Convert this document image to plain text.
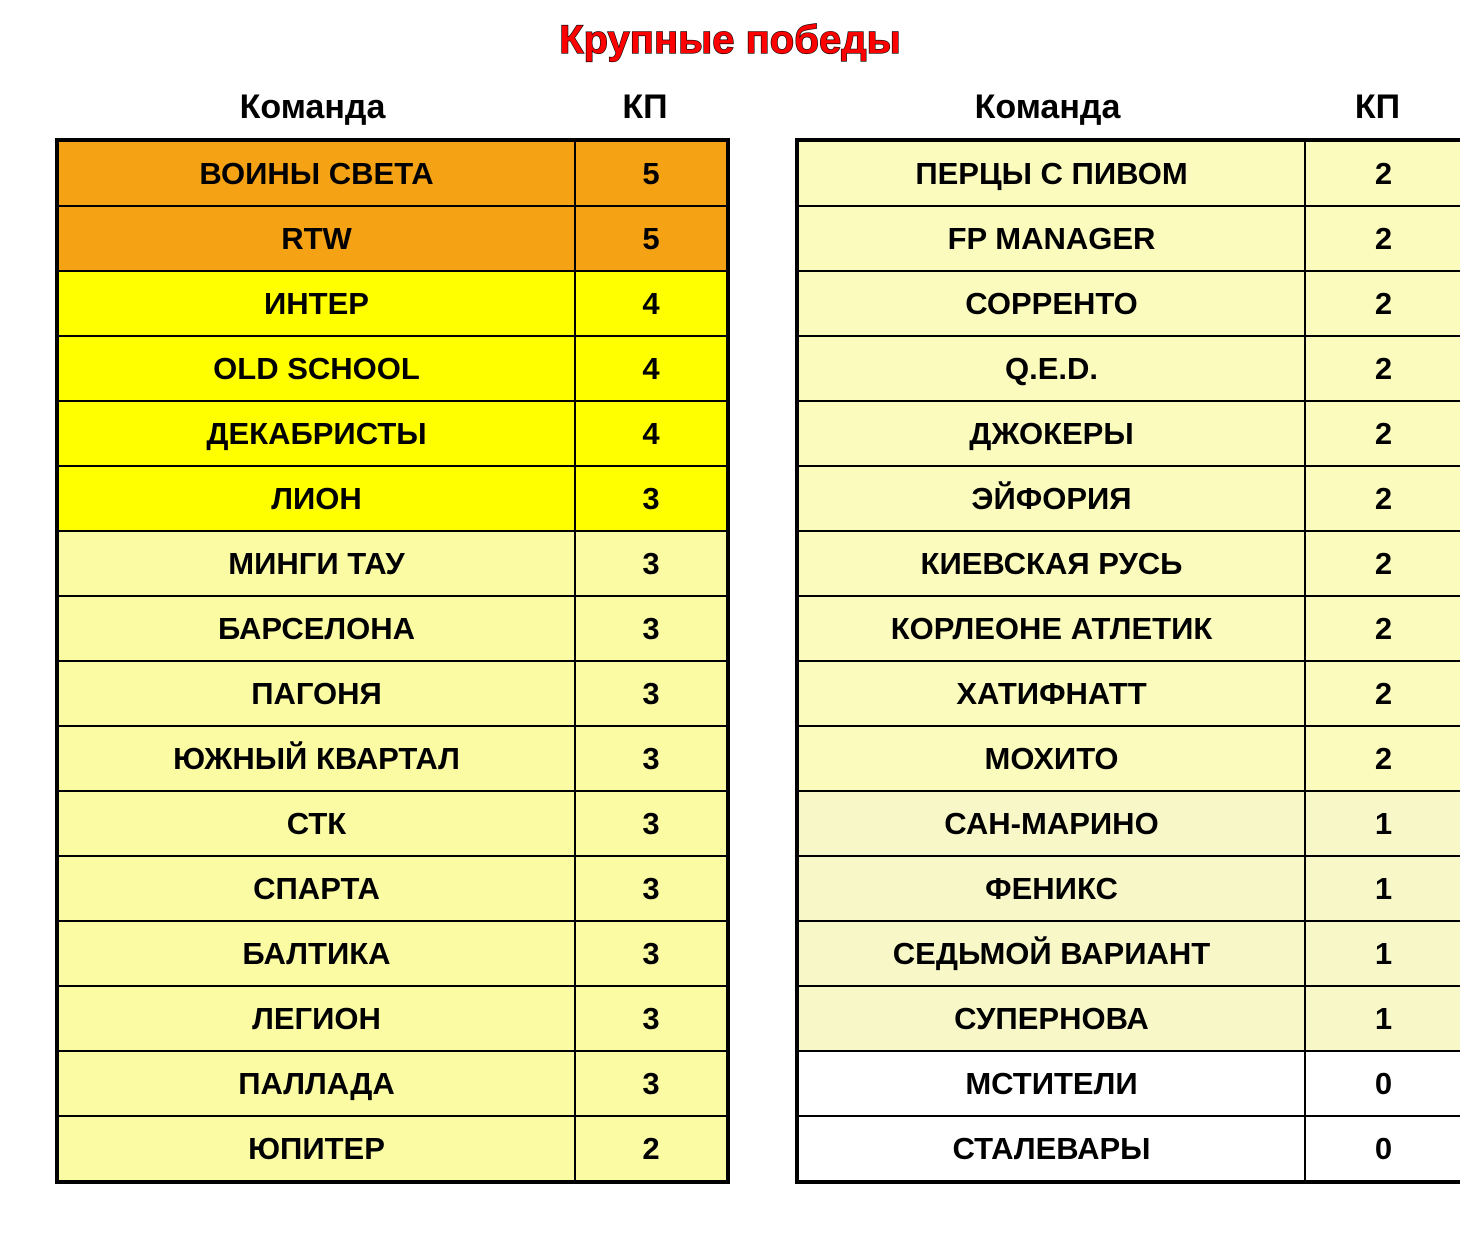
Крупные победы
Команда	КП	Команда	КП
ВОИНЫ СВЕТА	5
RTW	5
ИНТЕР	4
OLD SCHOOL	4
ДЕКАБРИСТЫ	4
ЛИОН	3
МИНГИ ТАУ	3
БАРСЕЛОНА	3
ПАГОНЯ	3
ЮЖНЫЙ КВАРТАЛ	3
СТК	3
СПАРТА	3
БАЛТИКА	3
ЛЕГИОН	3
ПАЛЛАДА	3
ЮПИТЕР	2
ПЕРЦЫ С ПИВОМ	2
FP MANAGER	2
СОРРЕНТО	2
Q.E.D.	2
ДЖОКЕРЫ	2
ЭЙФОРИЯ	2
КИЕВСКАЯ РУСЬ	2
КОРЛЕОНЕ АТЛЕТИК	2
ХАТИФНАТТ	2
МОХИТО	2
САН-МАРИНО	1
ФЕНИКС	1
СЕДЬМОЙ ВАРИАНТ	1
СУПЕРНОВА	1
МСТИТЕЛИ	0
СТАЛЕВАРЫ	0
